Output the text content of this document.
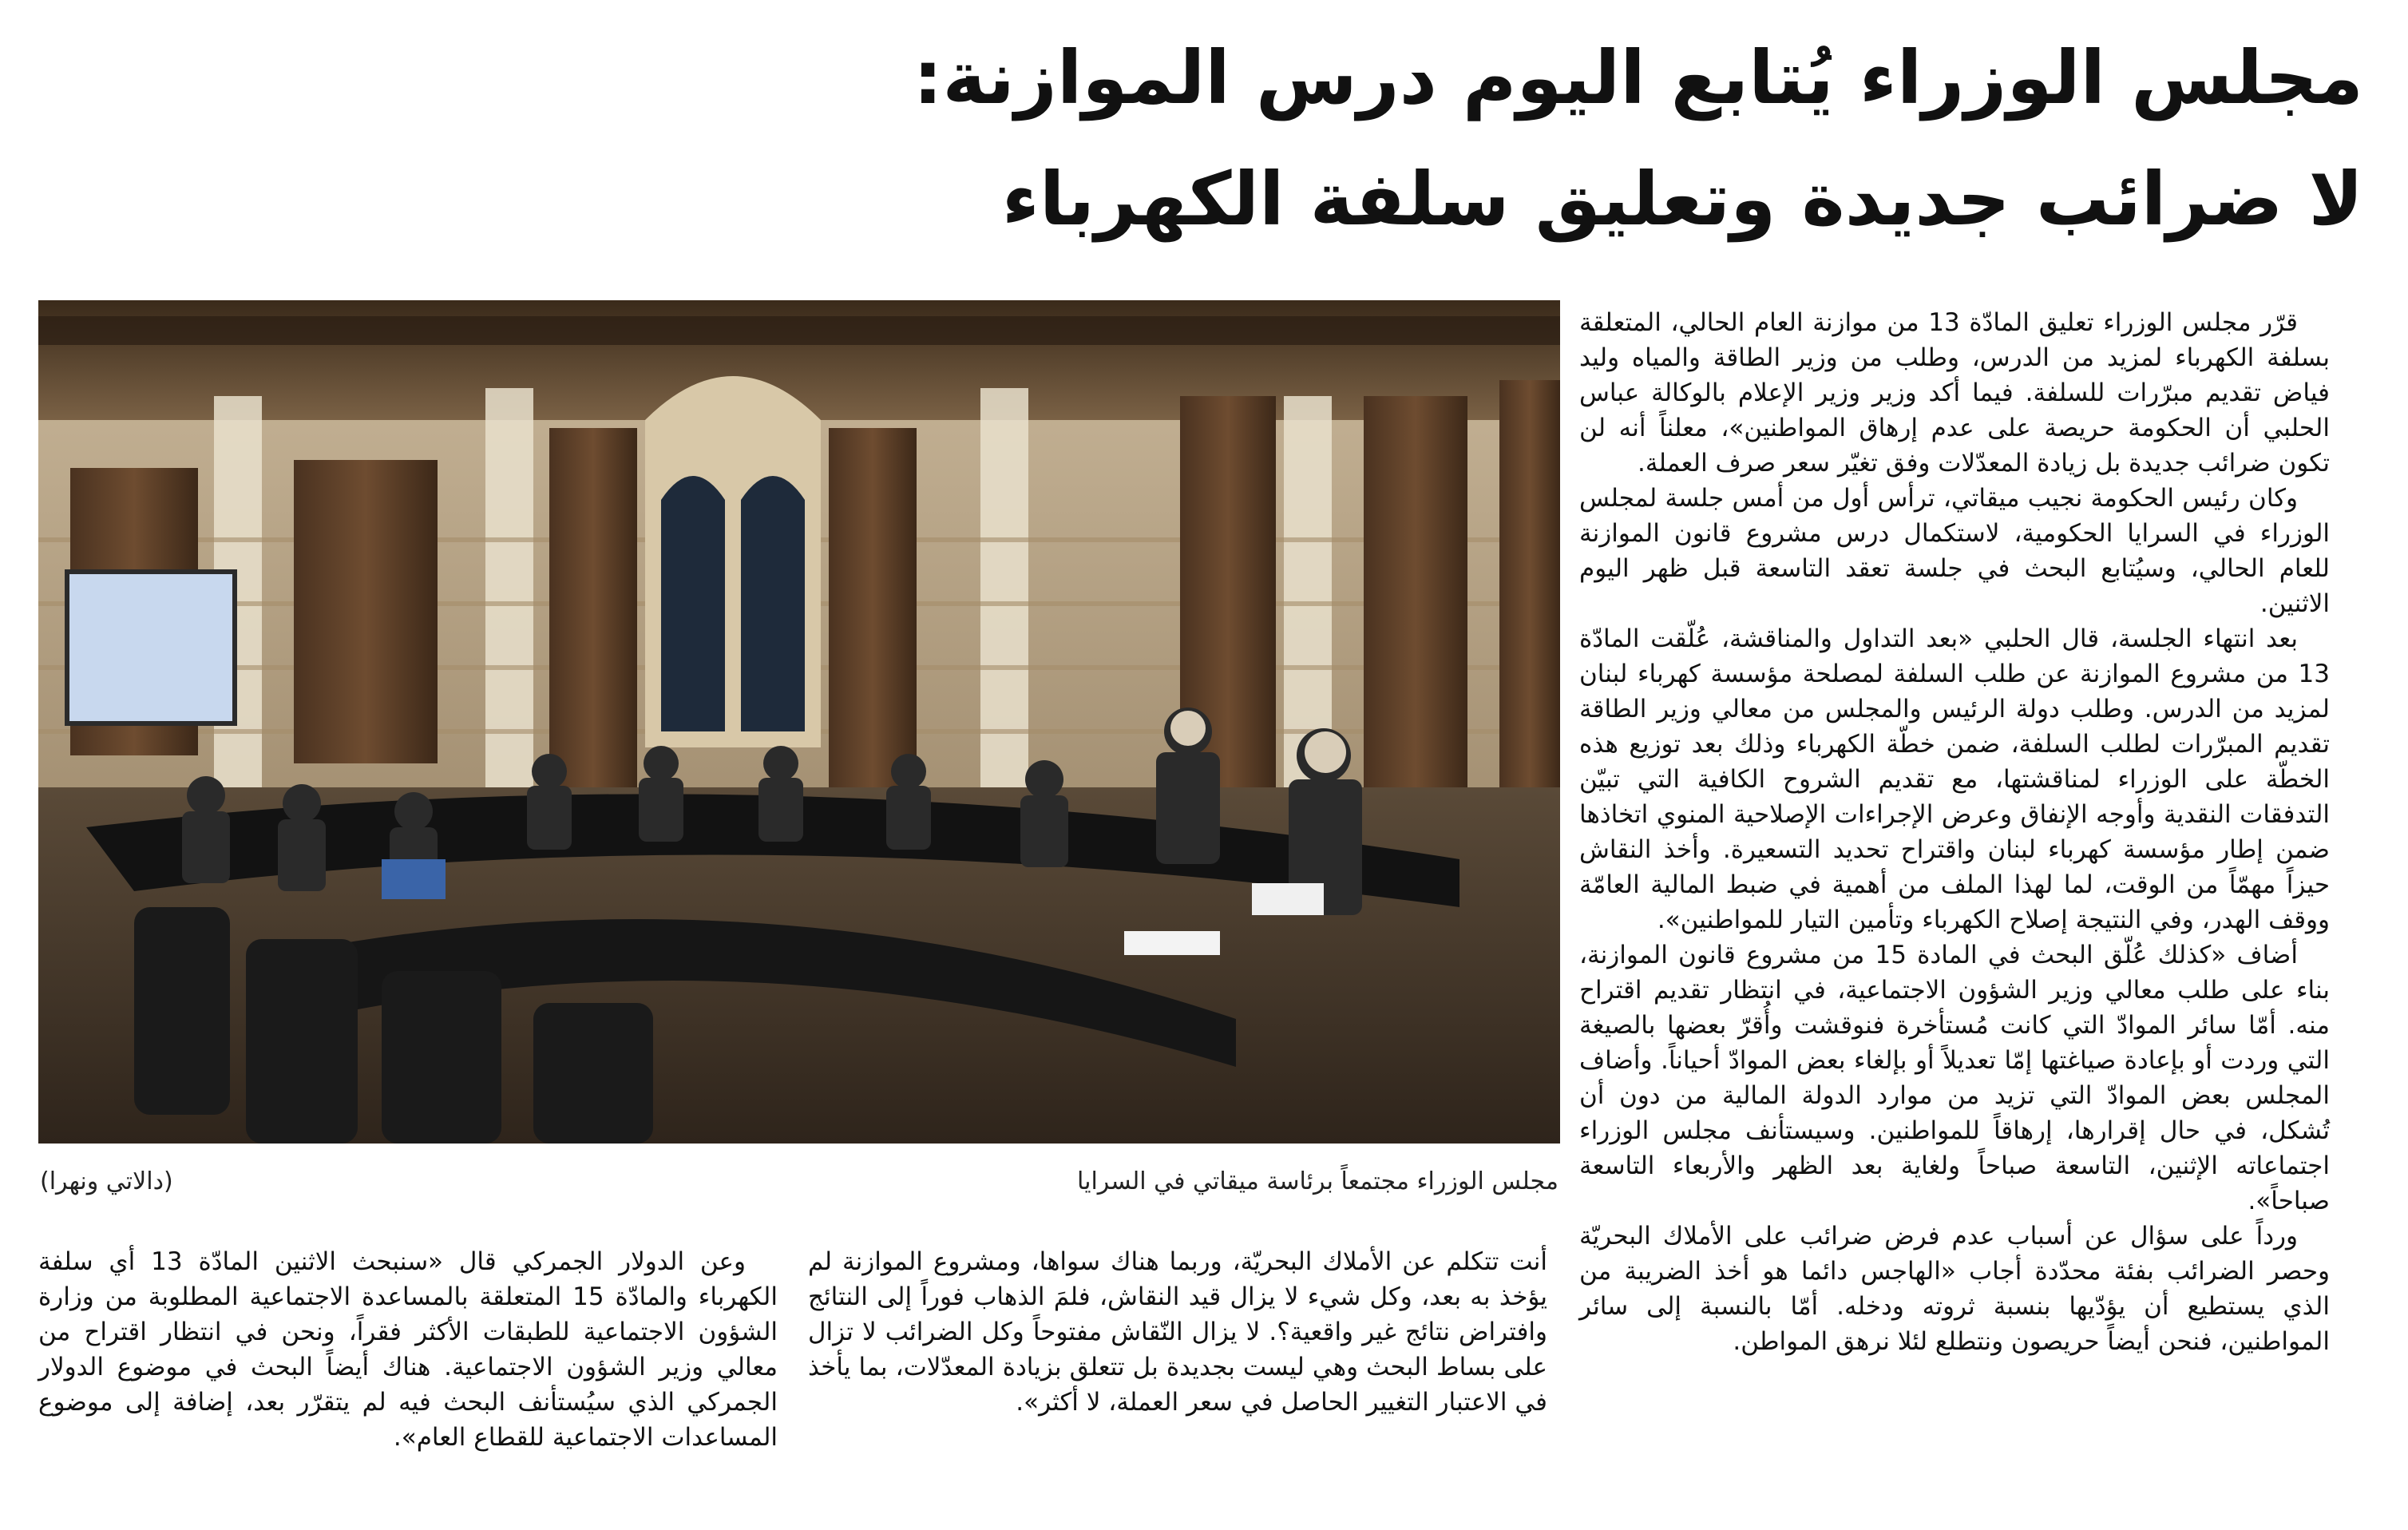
مجلس الوزراء يُتابع اليوم درس الموازنة:
لا ضرائب جديدة وتعليق سلفة الكهرباء
مجلس الوزراء مجتمعاً برئاسة ميقاتي في السرايا
(دالاتي ونهرا)

قرّر مجلس الوزراء تعليق المادّة 13 من موازنة العام الحالي، المتعلقة بسلفة الكهرباء لمزيد من الدرس، وطلب من وزير الطاقة والمياه وليد فياض تقديم مبرّرات للسلفة. فيما أكد وزير وزير الإعلام بالوكالة عباس الحلبي أن الحكومة حريصة على عدم إرهاق المواطنين»، معلناً أنه لن تكون ضرائب جديدة بل زيادة المعدّلات وفق تغيّر سعر صرف العملة.

وكان رئيس الحكومة نجيب ميقاتي، ترأس أول من أمس جلسة لمجلس الوزراء في السرايا الحكومية، لاستكمال درس مشروع قانون الموازنة للعام الحالي، وسيُتابع البحث في جلسة تعقد التاسعة قبل ظهر اليوم الاثنين.

بعد انتهاء الجلسة، قال الحلبي «بعد التداول والمناقشة، عُلّقت المادّة 13 من مشروع الموازنة عن طلب السلفة لمصلحة مؤسسة كهرباء لبنان لمزيد من الدرس. وطلب دولة الرئيس والمجلس من معالي وزير الطاقة تقديم المبرّرات لطلب السلفة، ضمن خطّة الكهرباء وذلك بعد توزيع هذه الخطّة على الوزراء لمناقشتها، مع تقديم الشروح الكافية التي تبيّن التدفقات النقدية وأوجه الإنفاق وعرض الإجراءات الإصلاحية المنوي اتخاذها ضمن إطار مؤسسة كهرباء لبنان واقتراح تحديد التسعيرة. وأخذ النقاش حيزاً مهمّاً من الوقت، لما لهذا الملف من أهمية في ضبط المالية العامّة ووقف الهدر، وفي النتيجة إصلاح الكهرباء وتأمين التيار للمواطنين».

أضاف «كذلك عُلّق البحث في المادة 15 من مشروع قانون الموازنة، بناء على طلب معالي وزير الشؤون الاجتماعية، في انتظار تقديم اقتراح منه. أمّا سائر الموادّ التي كانت مُستأخرة فنوقشت وأُقرّ بعضها بالصيغة التي وردت أو بإعادة صياغتها إمّا تعديلاً أو بإلغاء بعض الموادّ أحياناً. وأضاف المجلس بعض الموادّ التي تزيد من موارد الدولة المالية من دون أن تُشكل، في حال إقرارها، إرهاقاً للمواطنين. وسيستأنف مجلس الوزراء اجتماعاته الإثنين، التاسعة صباحاً ولغاية بعد الظهر والأربعاء التاسعة صباحاً».

ورداً على سؤال عن أسباب عدم فرض ضرائب على الأملاك البحريّة وحصر الضرائب بفئة محدّدة أجاب «الهاجس دائما هو أخذ الضريبة من الذي يستطيع أن يؤدّيها بنسبة ثروته ودخله. أمّا بالنسبة إلى سائر المواطنين، فنحن أيضاً حريصون ونتطلع لئلا نرهق المواطن.

أنت تتكلم عن الأملاك البحريّة، وربما هناك سواها، ومشروع الموازنة لم يؤخذ به بعد، وكل شيء لا يزال قيد النقاش، فلمَ الذهاب فوراً إلى النتائج وافتراض نتائج غير واقعية؟. لا يزال النّقاش مفتوحاً وكل الضرائب لا تزال على بساط البحث وهي ليست بجديدة بل تتعلق بزيادة المعدّلات، بما يأخذ في الاعتبار التغيير الحاصل في سعر العملة، لا أكثر».

وعن الدولار الجمركي قال «سنبحث الاثنين المادّة 13 أي سلفة الكهرباء والمادّة 15 المتعلقة بالمساعدة الاجتماعية المطلوبة من وزارة الشؤون الاجتماعية للطبقات الأكثر فقراً، ونحن في انتظار اقتراح من معالي وزير الشؤون الاجتماعية. هناك أيضاً البحث في موضوع الدولار الجمركي الذي سيُستأنف البحث فيه لم يتقرّر بعد، إضافة إلى موضوع المساعدات الاجتماعية للقطاع العام».
